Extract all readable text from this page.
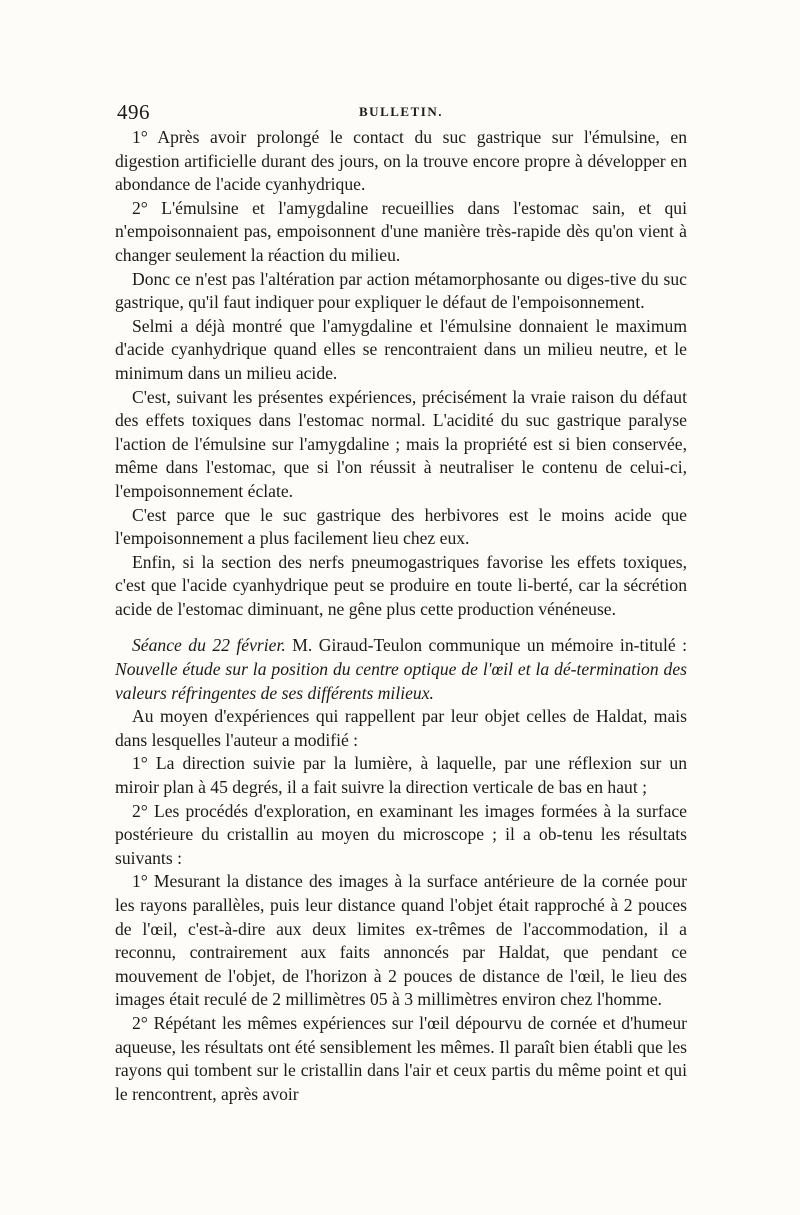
496	BULLETIN.

1° Après avoir prolongé le contact du suc gastrique sur l'émulsine, en digestion artificielle durant des jours, on la trouve encore propre à développer en abondance de l'acide cyanhydrique.

2° L'émulsine et l'amygdaline recueillies dans l'estomac sain, et qui n'empoisonnaient pas, empoisonnent d'une manière très-rapide dès qu'on vient à changer seulement la réaction du milieu.

Donc ce n'est pas l'altération par action métamorphosante ou diges-tive du suc gastrique, qu'il faut indiquer pour expliquer le défaut de l'empoisonnement.

Selmi a déjà montré que l'amygdaline et l'émulsine donnaient le maximum d'acide cyanhydrique quand elles se rencontraient dans un milieu neutre, et le minimum dans un milieu acide.

C'est, suivant les présentes expériences, précisément la vraie raison du défaut des effets toxiques dans l'estomac normal. L'acidité du suc gastrique paralyse l'action de l'émulsine sur l'amygdaline ; mais la propriété est si bien conservée, même dans l'estomac, que si l'on réussit à neutraliser le contenu de celui-ci, l'empoisonnement éclate.

C'est parce que le suc gastrique des herbivores est le moins acide que l'empoisonnement a plus facilement lieu chez eux.

Enfin, si la section des nerfs pneumogastriques favorise les effets toxiques, c'est que l'acide cyanhydrique peut se produire en toute li-berté, car la sécrétion acide de l'estomac diminuant, ne gêne plus cette production vénéneuse.

Séance du 22 février. M. Giraud-Teulon communique un mémoire in-titulé : Nouvelle étude sur la position du centre optique de l'œil et la dé-termination des valeurs réfringentes de ses différents milieux.

Au moyen d'expériences qui rappellent par leur objet celles de Haldat, mais dans lesquelles l'auteur a modifié :

1° La direction suivie par la lumière, à laquelle, par une réflexion sur un miroir plan à 45 degrés, il a fait suivre la direction verticale de bas en haut ;

2° Les procédés d'exploration, en examinant les images formées à la surface postérieure du cristallin au moyen du microscope ; il a ob-tenu les résultats suivants :

1° Mesurant la distance des images à la surface antérieure de la cornée pour les rayons parallèles, puis leur distance quand l'objet était rapproché à 2 pouces de l'œil, c'est-à-dire aux deux limites ex-trêmes de l'accommodation, il a reconnu, contrairement aux faits annoncés par Haldat, que pendant ce mouvement de l'objet, de l'horizon à 2 pouces de distance de l'œil, le lieu des images était reculé de 2 millimètres 05 à 3 millimètres environ chez l'homme.

2° Répétant les mêmes expériences sur l'œil dépourvu de cornée et d'humeur aqueuse, les résultats ont été sensiblement les mêmes. Il paraît bien établi que les rayons qui tombent sur le cristallin dans l'air et ceux partis du même point et qui le rencontrent, après avoir
